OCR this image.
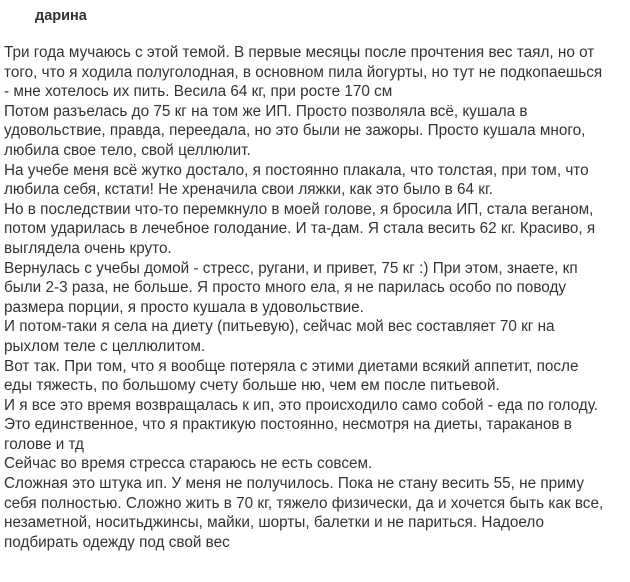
дарина
Три года мучаюсь с этой темой. В первые месяцы после прочтения вес таял, но от
того, что я ходила полуголодная, в основном пила йогурты, но тут не подкопаешься
- мне хотелось их пить. Весила 64 кг, при росте 170 см
Потом разъелась до 75 кг на том же ИП. Просто позволяла всё, кушала в
удовольствие, правда, переедала, но это были не зажоры. Просто кушала много,
любила свое тело, свой целлюлит.
На учебе меня всё жутко достало, я постоянно плакала, что толстая, при том, что
любила себя, кстати! Не хреначила свои ляжки, как это было в 64 кг.
Но в последствии что-то перемкнуло в моей голове, я бросила ИП, стала веганом,
потом ударилась в лечебное голодание. И та-дам. Я стала весить 62 кг. Красиво, я
выглядела очень круто.
Вернулась с учебы домой - стресс, ругани, и привет, 75 кг :) При этом, знаете, кп
были 2-3 раза, не больше. Я просто много ела, я не парилась особо по поводу
размера порции, я просто кушала в удовольствие.
И потом-таки я села на диету (питьевую), сейчас мой вес составляет 70 кг на
рыхлом теле с целлюлитом.
Вот так. При том, что я вообще потеряла с этими диетами всякий аппетит, после
еды тяжесть, по большому счету больше ню, чем ем после питьевой.
И я все это время возвращалась к ип, это происходило само собой - еда по голоду.
Это единственное, что я практикую постоянно, несмотря на диеты, тараканов в
голове и тд
Сейчас во время стресса стараюсь не есть совсем.
Сложная это штука ип. У меня не получилось. Пока не стану весить 55, не приму
себя полностью. Сложно жить в 70 кг, тяжело физически, да и хочется быть как все,
незаметной, носитьджинсы, майки, шорты, балетки и не париться. Надоело
подбирать одежду под свой вес
